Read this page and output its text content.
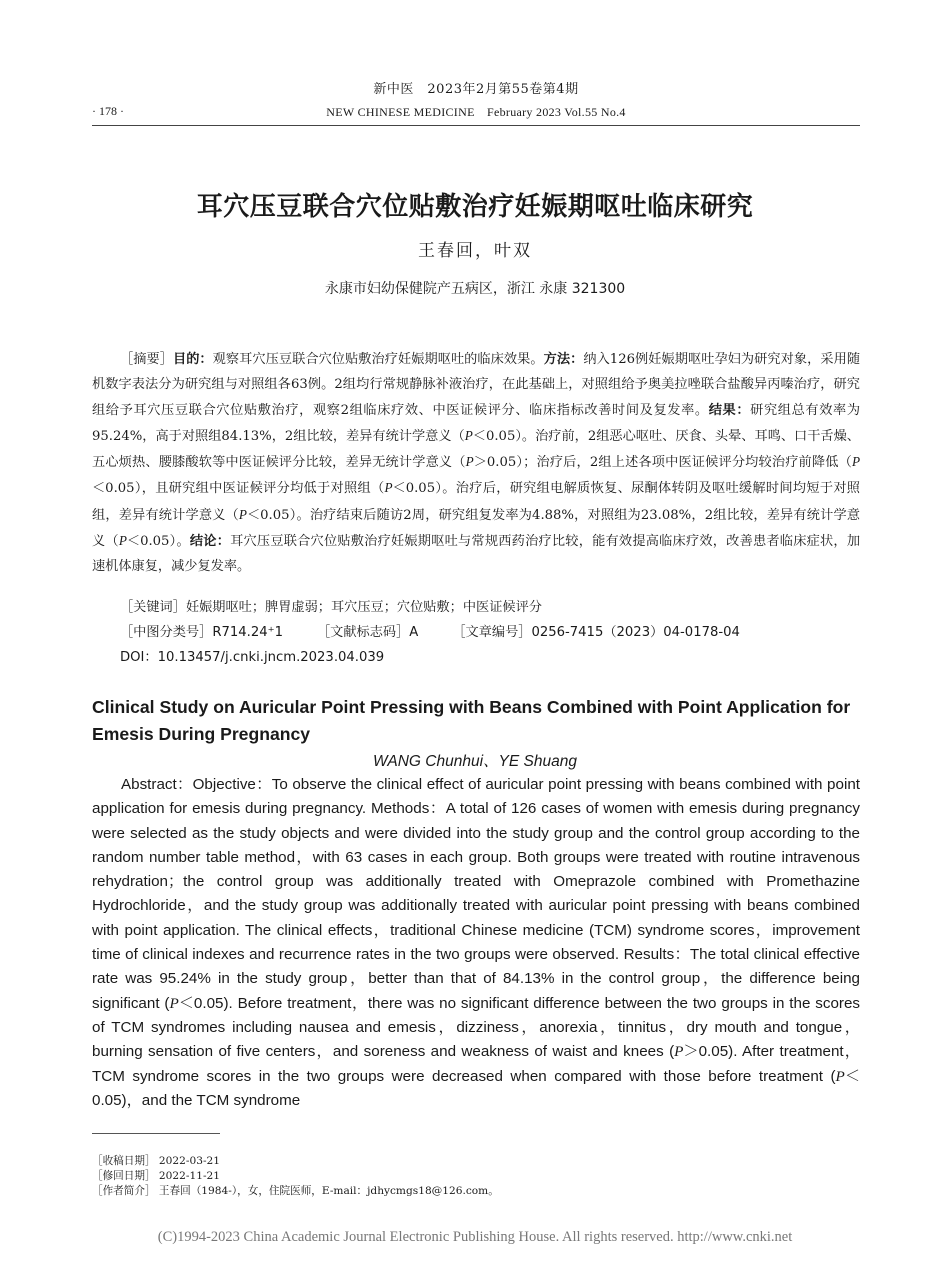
新中医　2023年2月第55卷第4期
· 178 ·	NEW CHINESE MEDICINE　February 2023 Vol.55 No.4
耳穴压豆联合穴位贴敷治疗妊娠期呕吐临床研究
王春回，叶双
永康市妇幼保健院产五病区，浙江 永康 321300
［摘要］目的：观察耳穴压豆联合穴位贴敷治疗妊娠期呕吐的临床效果。方法：纳入126例妊娠期呕吐孕妇为研究对象，采用随机数字表法分为研究组与对照组各63例。2组均行常规静脉补液治疗，在此基础上，对照组给予奥美拉唑联合盐酸异丙嗪治疗，研究组给予耳穴压豆联合穴位贴敷治疗，观察2组临床疗效、中医证候评分、临床指标改善时间及复发率。结果：研究组总有效率为95.24%，高于对照组84.13%，2组比较，差异有统计学意义（P＜0.05）。治疗前，2组恶心呕吐、厌食、头晕、耳鸣、口干舌燥、五心烦热、腰膝酸软等中医证候评分比较，差异无统计学意义（P＞0.05）；治疗后，2组上述各项中医证候评分均较治疗前降低（P＜0.05），且研究组中医证候评分均低于对照组（P＜0.05）。治疗后，研究组电解质恢复、尿酮体转阴及呕吐缓解时间均短于对照组，差异有统计学意义（P＜0.05）。治疗结束后随访2周，研究组复发率为4.88%，对照组为23.08%，2组比较，差异有统计学意义（P＜0.05）。结论：耳穴压豆联合穴位贴敷治疗妊娠期呕吐与常规西药治疗比较，能有效提高临床疗效，改善患者临床症状，加速机体康复，减少复发率。
［关键词］妊娠期呕吐；脾胃虚弱；耳穴压豆；穴位贴敷；中医证候评分
［中图分类号］R714.24⁺1	［文献标志码］A	［文章编号］0256-7415（2023）04-0178-04
DOI：10.13457/j.cnki.jncm.2023.04.039
Clinical Study on Auricular Point Pressing with Beans Combined with Point Application for Emesis During Pregnancy
WANG Chunhui、YE Shuang
Abstract：Objective：To observe the clinical effect of auricular point pressing with beans combined with point application for emesis during pregnancy. Methods：A total of 126 cases of women with emesis during pregnancy were selected as the study objects and were divided into the study group and the control group according to the random number table method，with 63 cases in each group. Both groups were treated with routine intravenous rehydration；the control group was additionally treated with Omeprazole combined with Promethazine Hydrochloride，and the study group was additionally treated with auricular point pressing with beans combined with point application. The clinical effects，traditional Chinese medicine (TCM) syndrome scores，improvement time of clinical indexes and recurrence rates in the two groups were observed. Results：The total clinical effective rate was 95.24% in the study group，better than that of 84.13% in the control group，the difference being significant (P＜0.05). Before treatment，there was no significant difference between the two groups in the scores of TCM syndromes including nausea and emesis，dizziness，anorexia，tinnitus，dry mouth and tongue，burning sensation of five centers，and soreness and weakness of waist and knees (P＞0.05). After treatment，TCM syndrome scores in the two groups were decreased when compared with those before treatment (P＜0.05)，and the TCM syndrome
［收稿日期］ 2022-03-21
［修回日期］ 2022-11-21
［作者简介］ 王春回（1984-），女，住院医师，E-mail：jdhycmgs18@126.com。
(C)1994-2023 China Academic Journal Electronic Publishing House. All rights reserved. http://www.cnki.net
